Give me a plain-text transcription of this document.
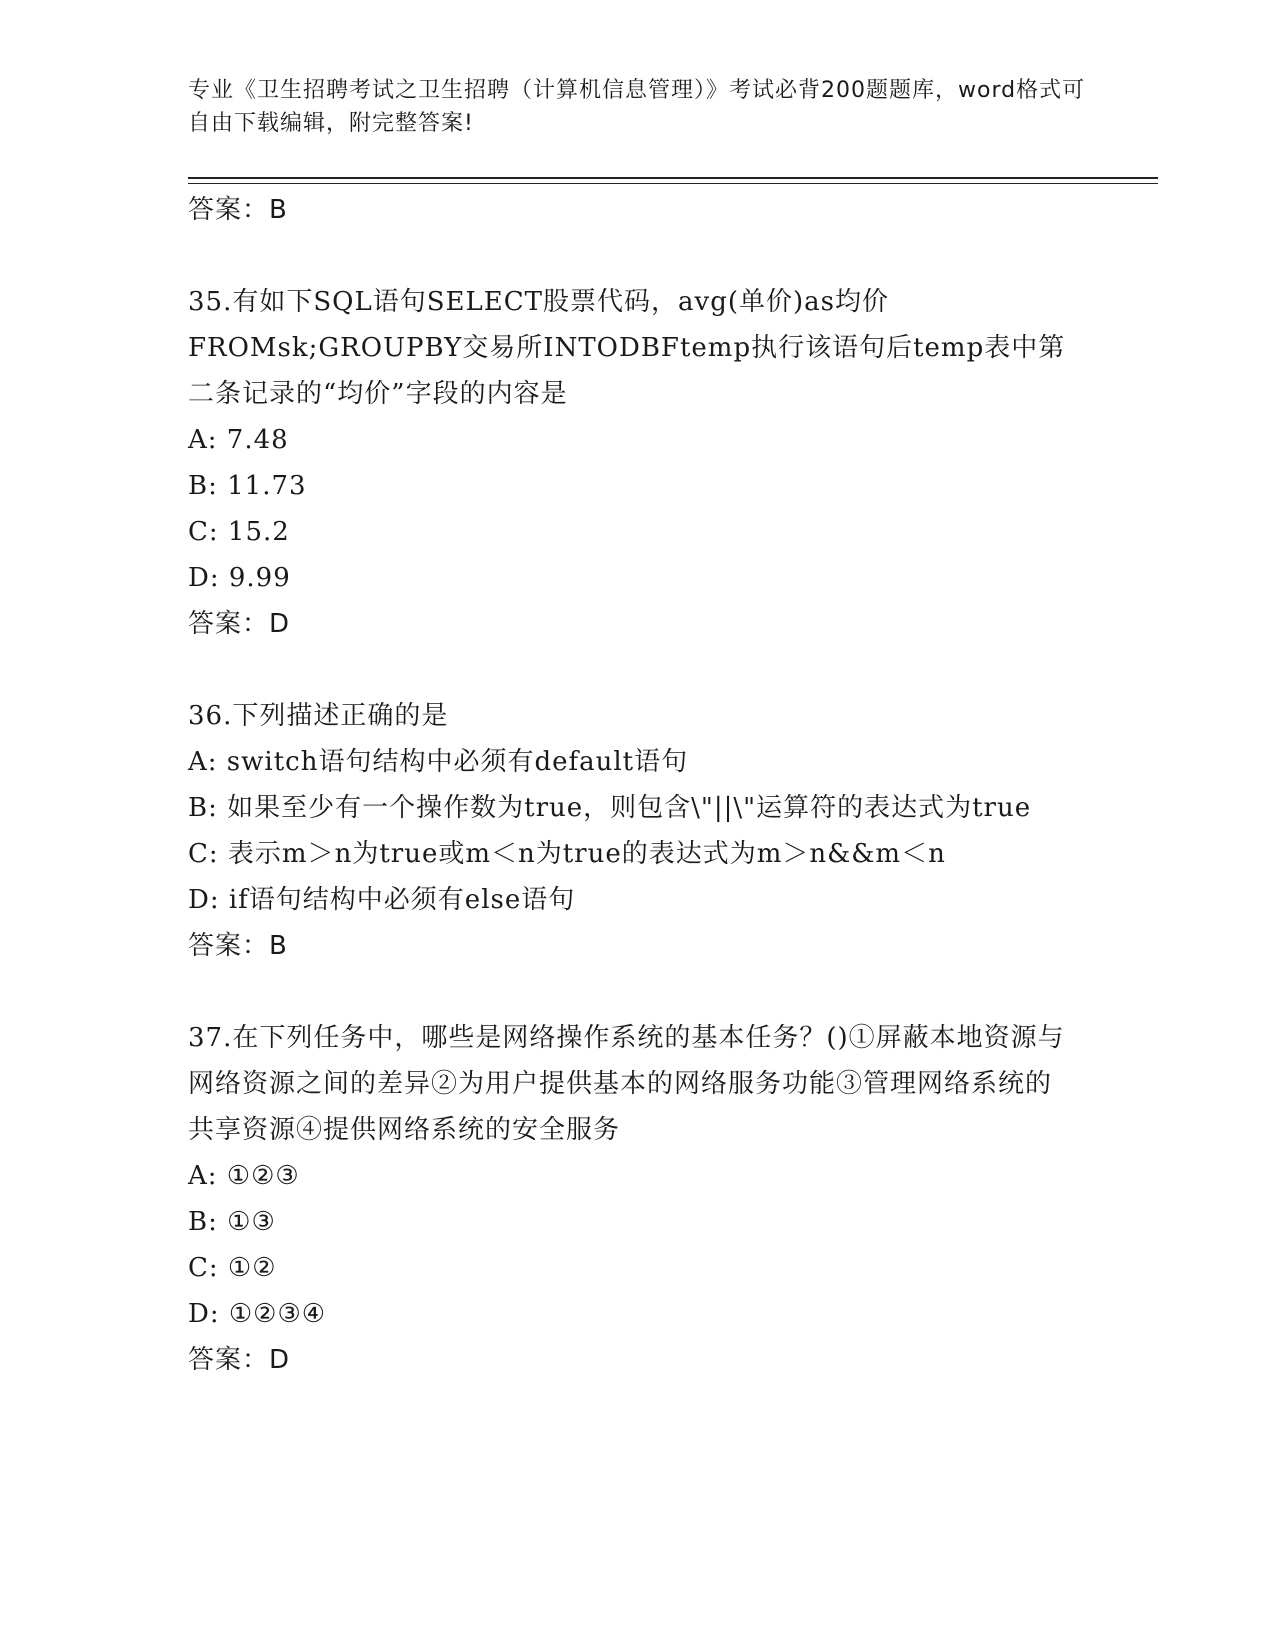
专业《卫生招聘考试之卫生招聘（计算机信息管理）》考试必背200题题库，word格式可自由下载编辑，附完整答案!
答案：B
35.有如下SQL语句SELECT股票代码，avg(单价)as均价FROMsk;GROUPBY交易所INTODBFtemp执行该语句后temp表中第二条记录的“均价”字段的内容是
A: 7.48
B: 11.73
C: 15.2
D: 9.99
答案：D
36.下列描述正确的是
A: switch语句结构中必须有default语句
B: 如果至少有一个操作数为true，则包含\"||\"运算符的表达式为true
C: 表示m＞n为true或m＜n为true的表达式为m＞n&&m＜n
D: if语句结构中必须有else语句
答案：B
37.在下列任务中，哪些是网络操作系统的基本任务？()①屏蔽本地资源与网络资源之间的差异②为用户提供基本的网络服务功能③管理网络系统的共享资源④提供网络系统的安全服务
A: ①②③
B: ①③
C: ①②
D: ①②③④
答案：D
